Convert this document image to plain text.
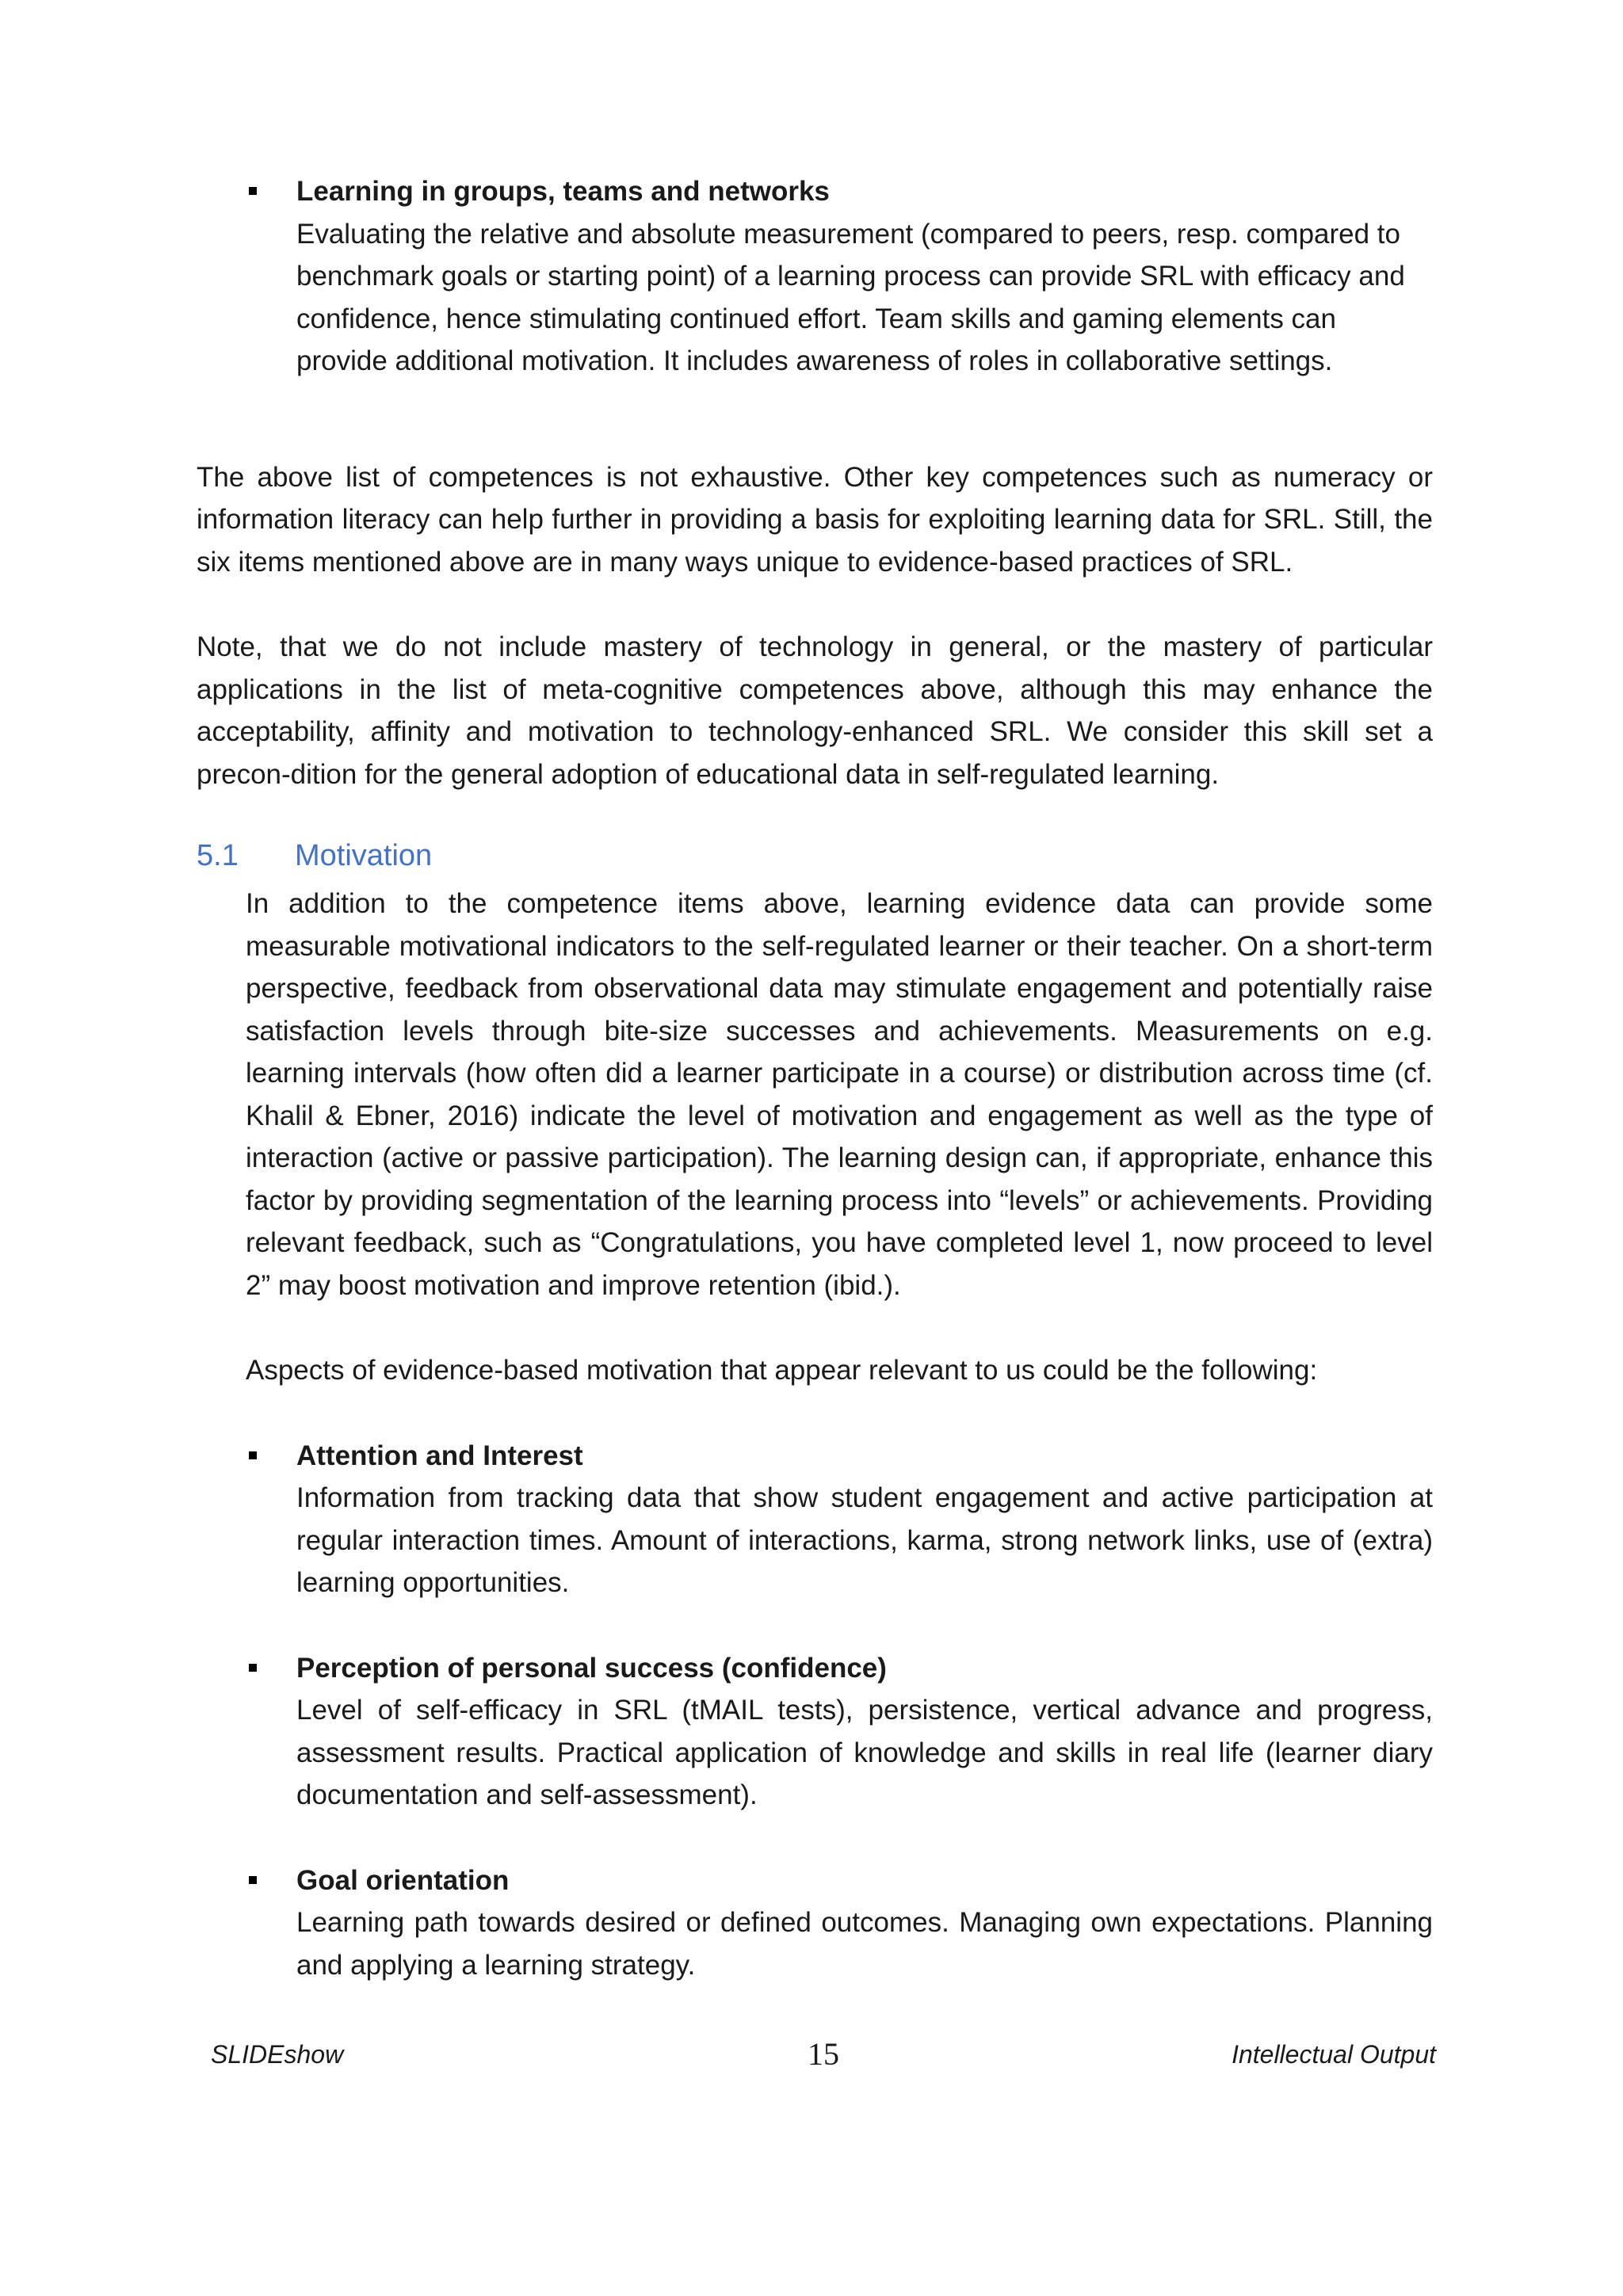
Learning in groups, teams and networks
Evaluating the relative and absolute measurement (compared to peers, resp. compared to benchmark goals or starting point) of a learning process can provide SRL with efficacy and confidence, hence stimulating continued effort. Team skills and gaming elements can provide additional motivation. It includes awareness of roles in collaborative settings.

The above list of competences is not exhaustive. Other key competences such as numeracy or information literacy can help further in providing a basis for exploiting learning data for SRL. Still, the six items mentioned above are in many ways unique to evidence-based practices of SRL.

Note, that we do not include mastery of technology in general, or the mastery of particular applications in the list of meta-cognitive competences above, although this may enhance the acceptability, affinity and motivation to technology-enhanced SRL. We consider this skill set a precon-dition for the general adoption of educational data in self-regulated learning.

5.1	Motivation

In addition to the competence items above, learning evidence data can provide some measurable motivational indicators to the self-regulated learner or their teacher. On a short-term perspective, feedback from observational data may stimulate engagement and potentially raise satisfaction levels through bite-size successes and achievements. Measurements on e.g. learning intervals (how often did a learner participate in a course) or distribution across time (cf. Khalil & Ebner, 2016) indicate the level of motivation and engagement as well as the type of interaction (active or passive participation). The learning design can, if appropriate, enhance this factor by providing segmentation of the learning process into “levels” or achievements. Providing relevant feedback, such as “Congratulations, you have completed level 1, now proceed to level 2” may boost motivation and improve retention (ibid.).

Aspects of evidence-based motivation that appear relevant to us could be the following:

Attention and Interest
Information from tracking data that show student engagement and active participation at regular interaction times. Amount of interactions, karma, strong network links, use of (extra) learning opportunities.
Perception of personal success (confidence)
Level of self-efficacy in SRL (tMAIL tests), persistence, vertical advance and progress, assessment results. Practical application of knowledge and skills in real life (learner diary documentation and self-assessment).
Goal orientation
Learning path towards desired or defined outcomes. Managing own expectations. Planning and applying a learning strategy.
SLIDEshow	15	Intellectual Output
